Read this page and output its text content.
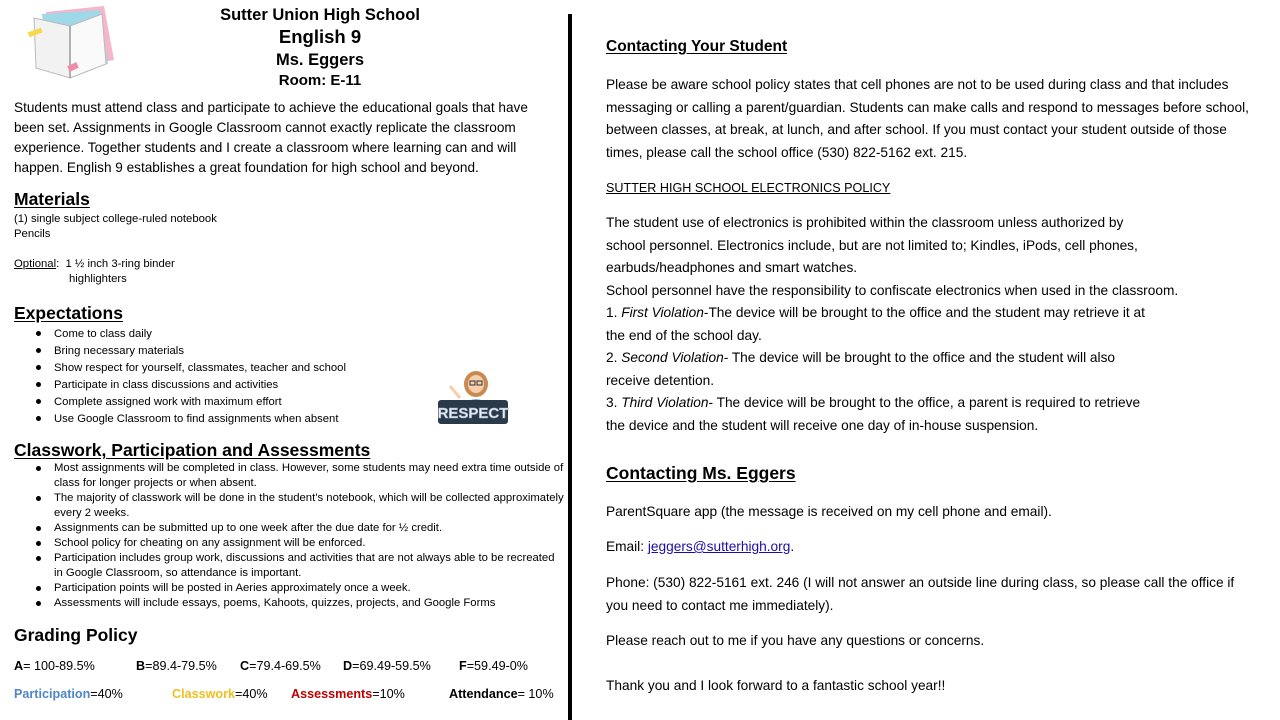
Sutter Union High School
English 9
Ms. Eggers
Room: E-11
Students must attend class and participate to achieve the educational goals that have been set. Assignments in Google Classroom cannot exactly replicate the classroom experience. Together students and I create a classroom where learning can and will happen. English 9 establishes a great foundation for high school and beyond.
Materials
(1) single subject college-ruled notebook
Pencils
Optional:  1 ½ inch 3-ring binder
highlighters
Expectations
Come to class daily
Bring necessary materials
Show respect for yourself, classmates, teacher and school
Participate in class discussions and activities
Complete assigned work with maximum effort
Use Google Classroom to find assignments when absent	RESPECT
Classwork, Participation and Assessments
Most assignments will be completed in class. However, some students may need extra time outside of class for longer projects or when absent.
The majority of classwork will be done in the student’s notebook, which will be collected approximately every 2 weeks.
Assignments can be submitted up to one week after the due date for ½ credit.
School policy for cheating on any assignment will be enforced.
Participation includes group work, discussions and activities that are not always able to be recreated in Google Classroom, so attendance is important.
Participation points will be posted in Aeries approximately once a week.
Assessments will include essays, poems, Kahoots, quizzes, projects, and Google Forms
Grading Policy
A= 100-89.5%	B=89.4-79.5% C=79.4-69.5% D=69.49-59.5% F=59.49-0%
Participation=40%	Classwork=40% Assessments=10%	Attendance= 10%
Contacting Your Student
Please be aware school policy states that cell phones are not to be used during class and that includes messaging or calling a parent/guardian. Students can make calls and respond to messages before school, between classes, at break, at lunch, and after school. If you must contact your student outside of those times, please call the school office (530) 822-5162 ext. 215.
SUTTER HIGH SCHOOL ELECTRONICS POLICY

The student use of electronics is prohibited within the classroom unless authorized by

school personnel. Electronics include, but are not limited to; Kindles, iPods, cell phones,

earbuds/headphones and smart watches.

School personnel have the responsibility to confiscate electronics when used in the classroom.

1. First Violation-The device will be brought to the office and the student may retrieve it at

the end of the school day.

2. Second Violation- The device will be brought to the office and the student will also

receive detention.

3. Third Violation- The device will be brought to the office, a parent is required to retrieve

the device and the student will receive one day of in-house suspension.

Contacting Ms. Eggers
ParentSquare app (the message is received on my cell phone and email).
Email: jeggers@sutterhigh.org.
Phone: (530) 822-5161 ext. 246 (I will not answer an outside line during class, so please call the office if you need to contact me immediately).
Please reach out to me if you have any questions or concerns.
Thank you and I look forward to a fantastic school year!!
